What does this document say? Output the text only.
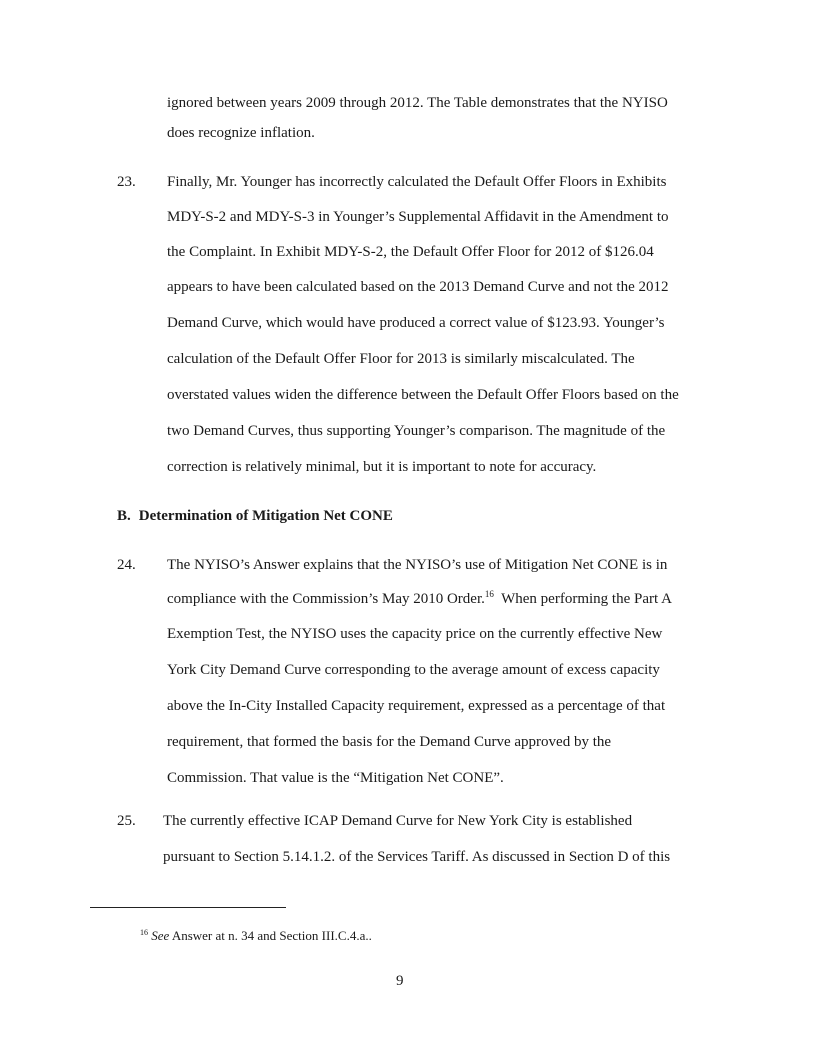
ignored between years 2009 through 2012. The Table demonstrates that the NYISO
does recognize inflation.
23. Finally, Mr. Younger has incorrectly calculated the Default Offer Floors in Exhibits
MDY-S-2 and MDY-S-3 in Younger’s Supplemental Affidavit in the Amendment to
the Complaint. In Exhibit MDY-S-2, the Default Offer Floor for 2012 of $126.04
appears to have been calculated based on the 2013 Demand Curve and not the 2012
Demand Curve, which would have produced a correct value of $123.93. Younger’s
calculation of the Default Offer Floor for 2013 is similarly miscalculated. The
overstated values widen the difference between the Default Offer Floors based on the
two Demand Curves, thus supporting Younger’s comparison. The magnitude of the
correction is relatively minimal, but it is important to note for accuracy.
B. Determination of Mitigation Net CONE
24. The NYISO’s Answer explains that the NYISO’s use of Mitigation Net CONE is in
compliance with the Commission’s May 2010 Order.$^{16}$  When performing the Part A
Exemption Test, the NYISO uses the capacity price on the currently effective New
York City Demand Curve corresponding to the average amount of excess capacity
above the In-City Installed Capacity requirement, expressed as a percentage of that
requirement, that formed the basis for the Demand Curve approved by the
Commission. That value is the “Mitigation Net CONE”.
25. The currently effective ICAP Demand Curve for New York City is established
pursuant to Section 5.14.1.2. of the Services Tariff. As discussed in Section D of this
$^{16}$ See Answer at n. 34 and Section III.C.4.a..
9
